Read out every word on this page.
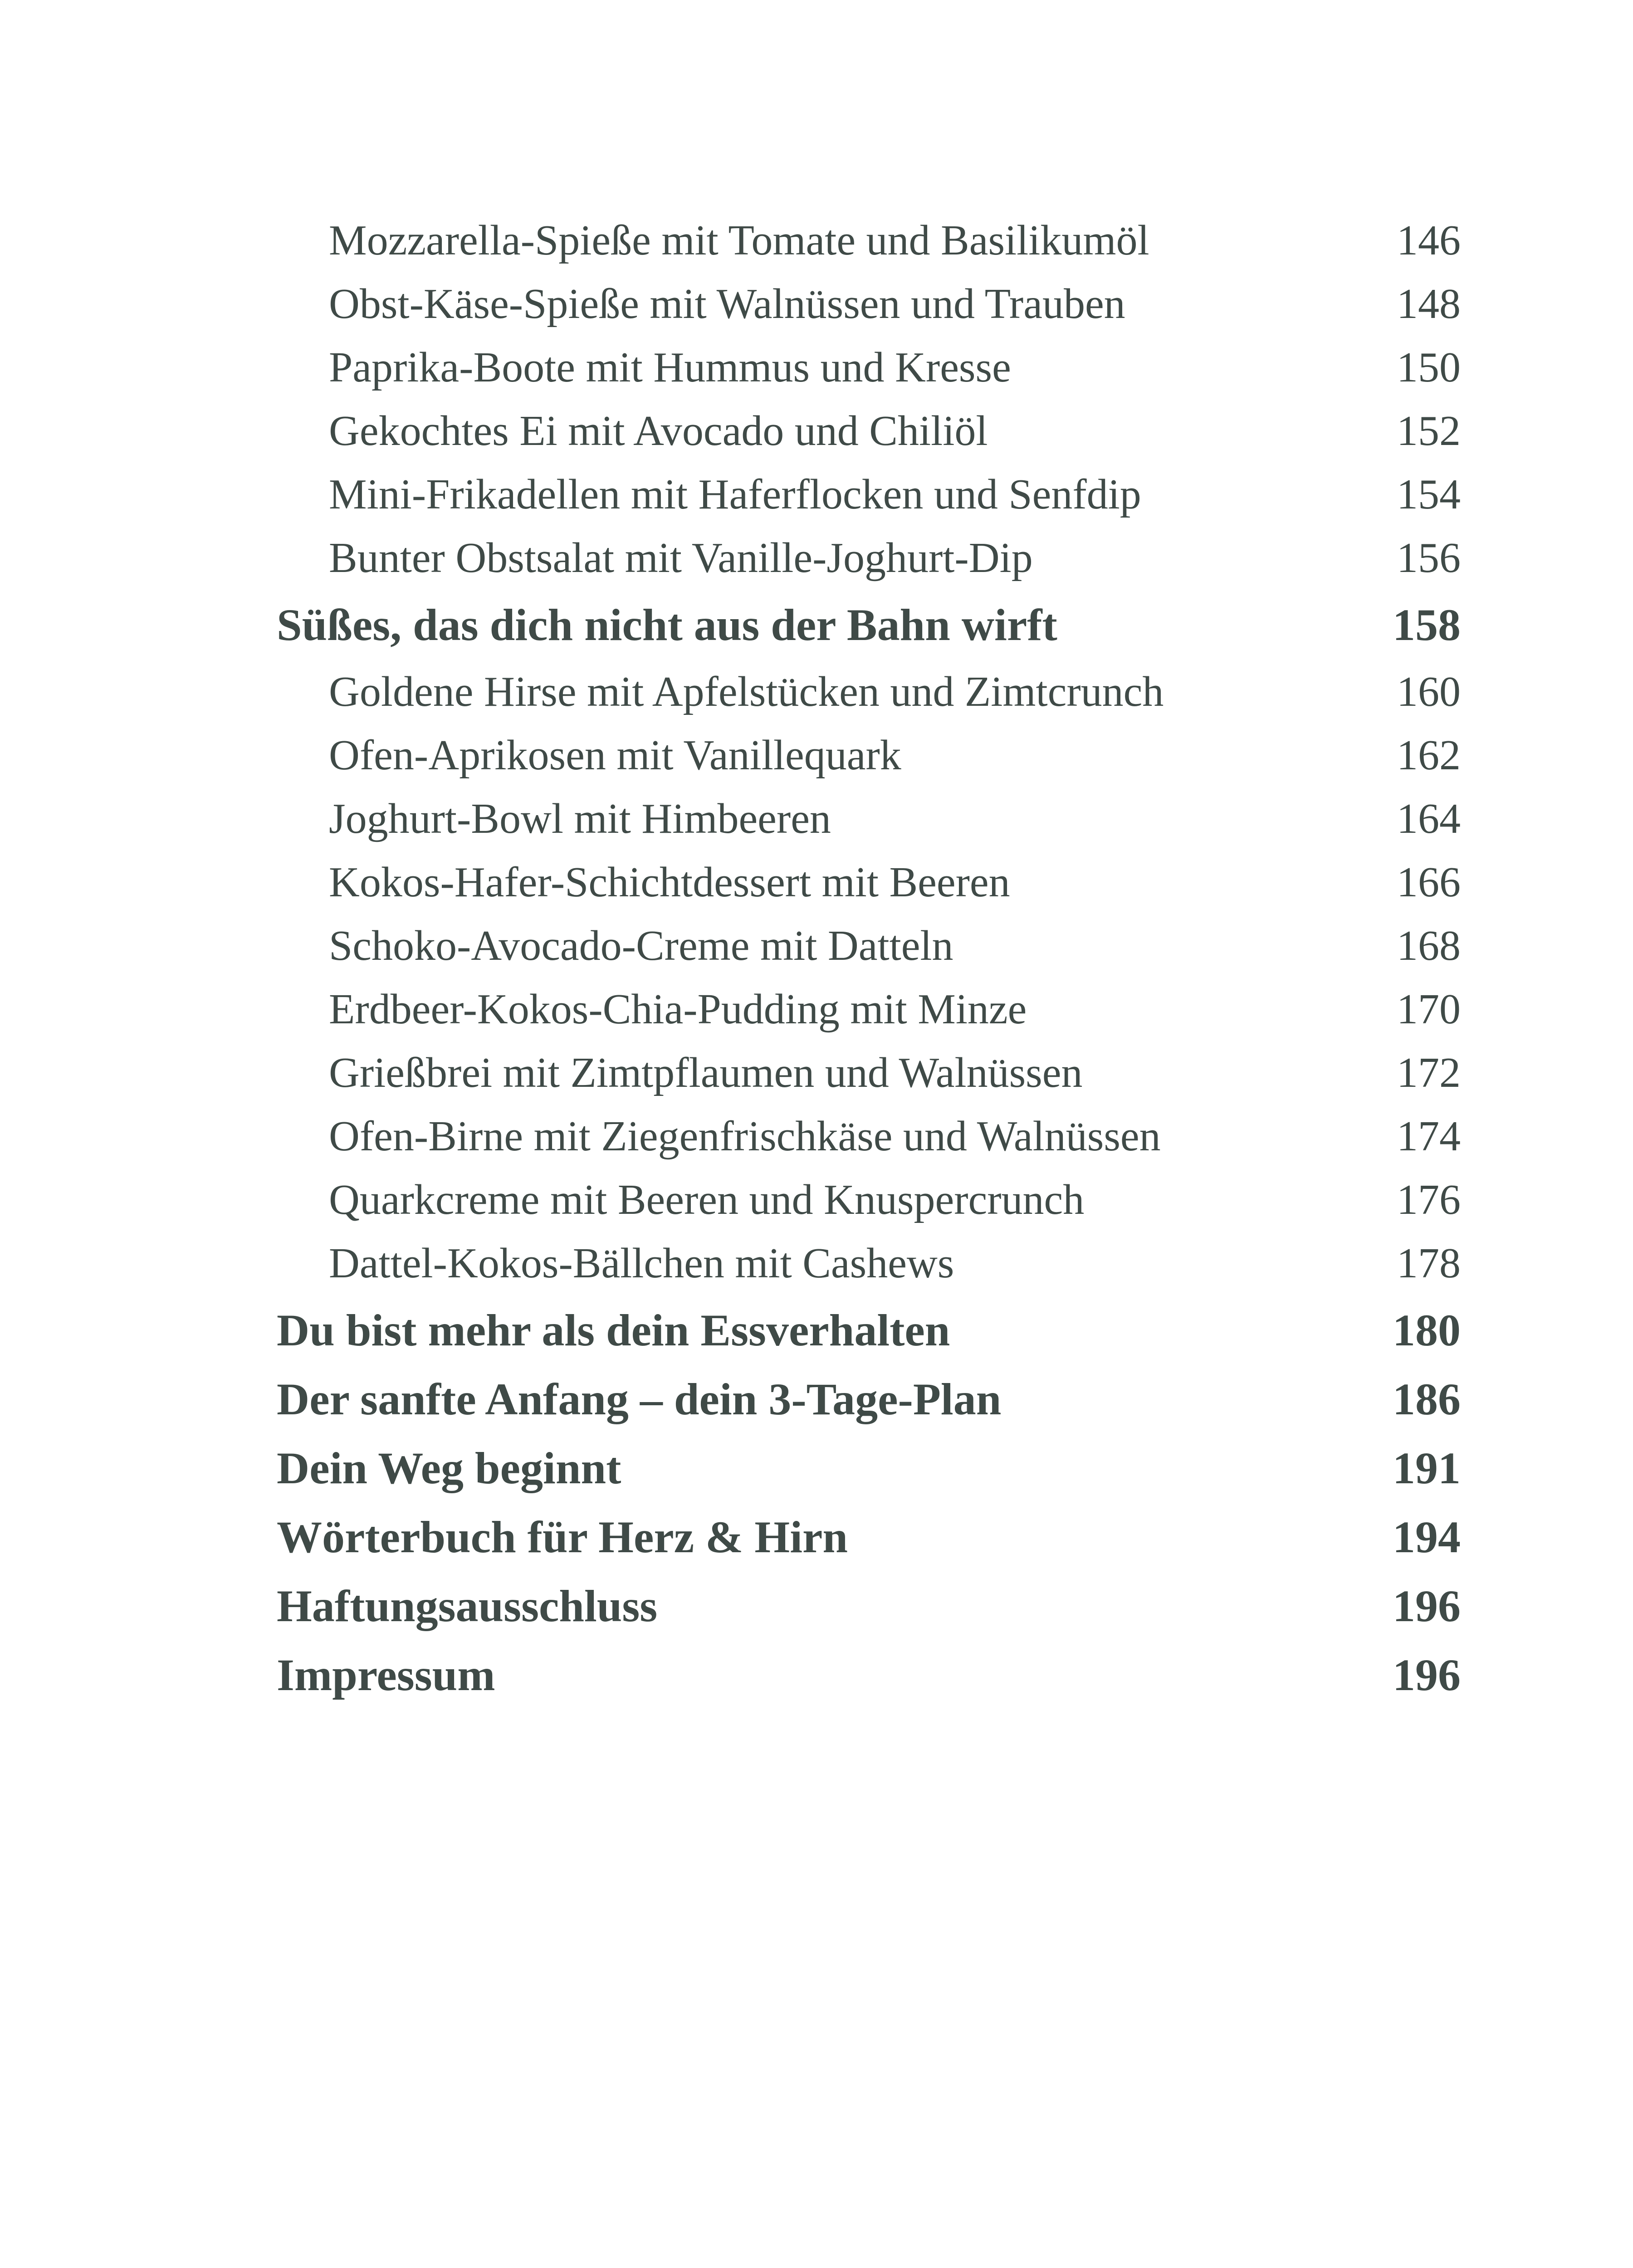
Mozzarella-Spieße mit Tomate und Basilikumöl	146
Obst-Käse-Spieße mit Walnüssen und Trauben	148
Paprika-Boote mit Hummus und Kresse	150
Gekochtes Ei mit Avocado und Chiliöl	152
Mini-Frikadellen mit Haferflocken und Senfdip	154
Bunter Obstsalat mit Vanille-Joghurt-Dip	156
Süßes, das dich nicht aus der Bahn wirft	158
Goldene Hirse mit Apfelstücken und Zimtcrunch	160
Ofen-Aprikosen mit Vanillequark	162
Joghurt-Bowl mit Himbeeren	164
Kokos-Hafer-Schichtdessert mit Beeren	166
Schoko-Avocado-Creme mit Datteln	168
Erdbeer-Kokos-Chia-Pudding mit Minze	170
Grießbrei mit Zimtpflaumen und Walnüssen	172
Ofen-Birne mit Ziegenfrischkäse und Walnüssen	174
Quarkcreme mit Beeren und Knuspercrunch	176
Dattel-Kokos-Bällchen mit Cashews	178
Du bist mehr als dein Essverhalten	180
Der sanfte Anfang – dein 3-Tage-Plan	186
Dein Weg beginnt	191
Wörterbuch für Herz & Hirn	194
Haftungsausschluss	196
Impressum	196
